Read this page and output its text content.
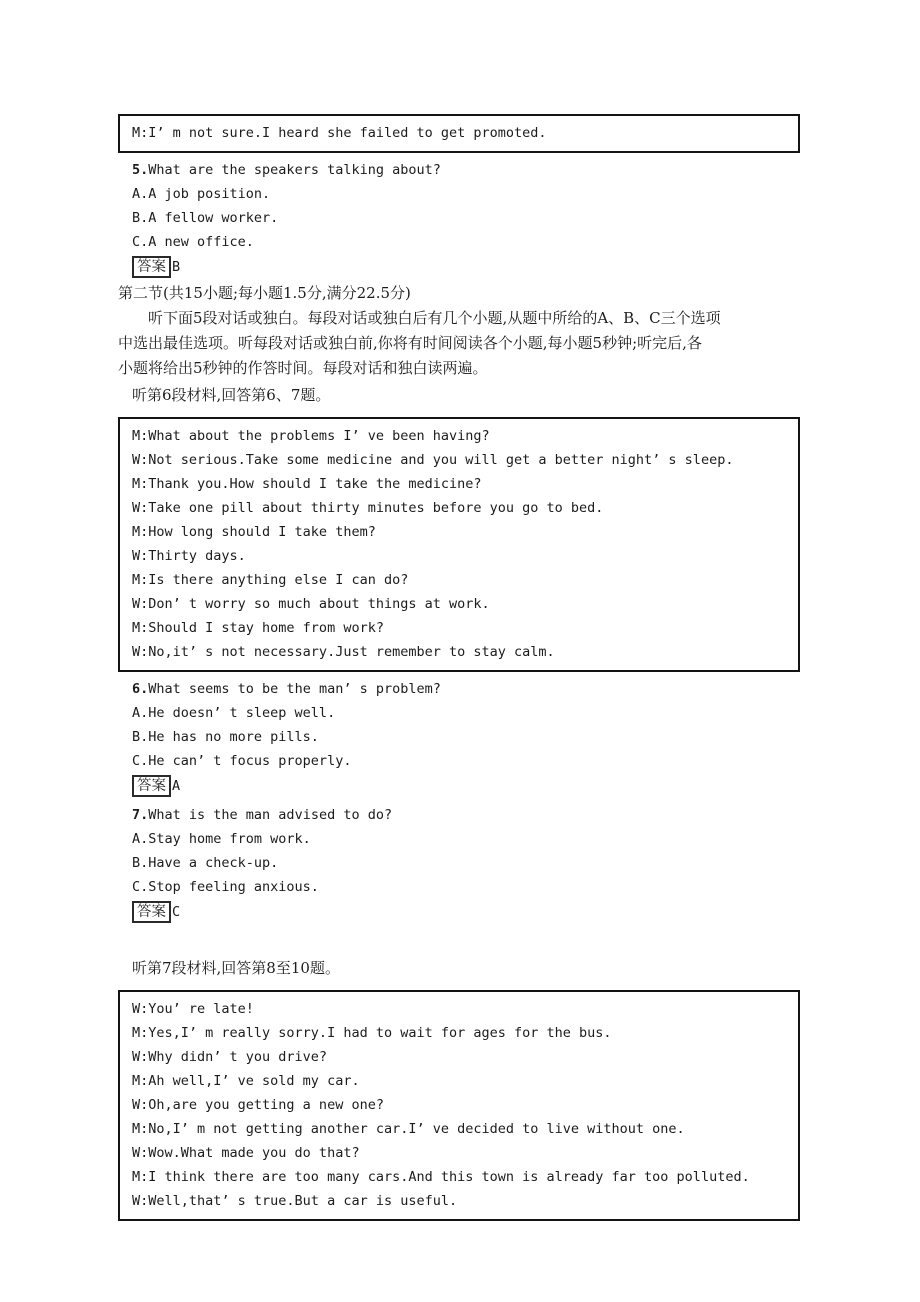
M:I’ m not sure.I heard she failed to get promoted.
5.What are the speakers talking about?
A.A job position.
B.A fellow worker.
C.A new office.
答案 B
第二节(共15小题;每小题1.5分,满分22.5分)
听下面5段对话或独白。每段对话或独白后有几个小题,从题中所给的A、B、C三个选项
中选出最佳选项。听每段对话或独白前,你将有时间阅读各个小题,每小题5秒钟;听完后,各
小题将给出5秒钟的作答时间。每段对话和独白读两遍。
听第6段材料,回答第6、7题。
M:What about the problems I’ ve been having?
W:Not serious.Take some medicine and you will get a better night’ s sleep.
M:Thank you.How should I take the medicine?
W:Take one pill about thirty minutes before you go to bed.
M:How long should I take them?
W:Thirty days.
M:Is there anything else I can do?
W:Don’ t worry so much about things at work.
M:Should I stay home from work?
W:No,it’ s not necessary.Just remember to stay calm.
6.What seems to be the man’ s problem?
A.He doesn’ t sleep well.
B.He has no more pills.
C.He can’ t focus properly.
答案 A
7.What is the man advised to do?
A.Stay home from work.
B.Have a check-up.
C.Stop feeling anxious.
答案 C
听第7段材料,回答第8至10题。
W:You’ re late!
M:Yes,I’ m really sorry.I had to wait for ages for the bus.
W:Why didn’ t you drive?
M:Ah well,I’ ve sold my car.
W:Oh,are you getting a new one?
M:No,I’ m not getting another car.I’ ve decided to live without one.
W:Wow.What made you do that?
M:I think there are too many cars.And this town is already far too polluted.
W:Well,that’ s true.But a car is useful.
